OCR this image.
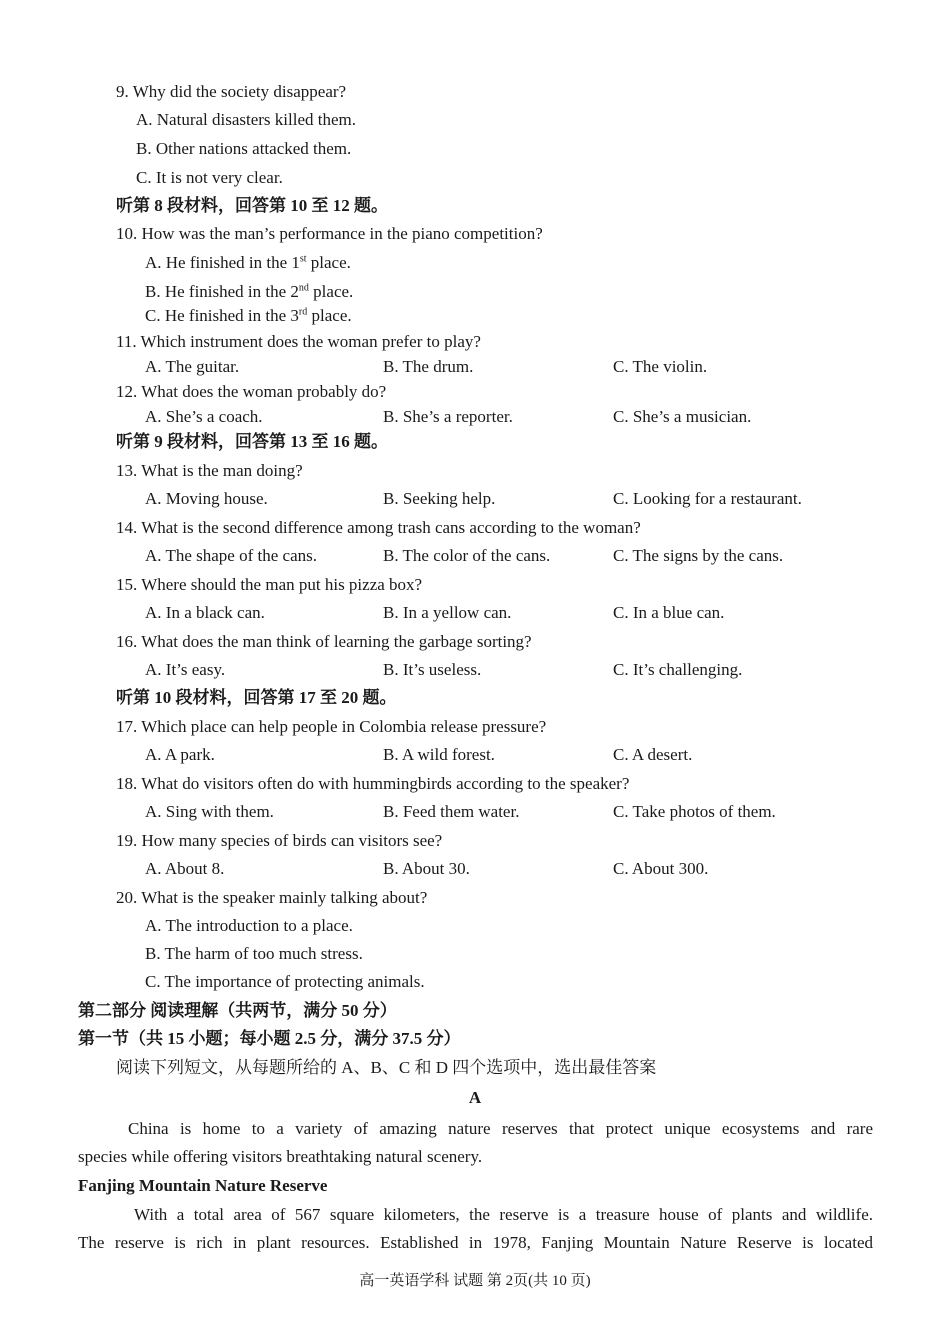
9. Why did the society disappear?
A. Natural disasters killed them.
B. Other nations attacked them.
C. It is not very clear.
听第 8 段材料，回答第 10 至 12 题。
10. How was the man’s performance in the piano competition?
A. He finished in the 1st place.
B. He finished in the 2nd place.
C. He finished in the 3rd place.
11. Which instrument does the woman prefer to play?
A. The guitar.	B. The drum.	C. The violin.
12. What does the woman probably do?
A. She’s a coach.	B. She’s a reporter.	C. She’s a musician.
听第 9 段材料，回答第 13 至 16 题。
13. What is the man doing?
A. Moving house.	B. Seeking help.	C. Looking for a restaurant.
14. What is the second difference among trash cans according to the woman?
A. The shape of the cans.	B. The color of the cans.	C. The signs by the cans.
15. Where should the man put his pizza box?
A. In a black can.	B. In a yellow can.	C. In a blue can.
16. What does the man think of learning the garbage sorting?
A. It’s easy.	B. It’s useless.	C. It’s challenging.
听第 10 段材料，回答第 17 至 20 题。
17. Which place can help people in Colombia release pressure?
A. A park.	B. A wild forest.	C. A desert.
18. What do visitors often do with hummingbirds according to the speaker?
A. Sing with them.	B. Feed them water.	C. Take photos of them.
19. How many species of birds can visitors see?
A. About 8.	B. About 30.	C. About 300.
20. What is the speaker mainly talking about?
A. The introduction to a place.
B. The harm of too much stress.
C. The importance of protecting animals.
第二部分 阅读理解（共两节，满分 50 分）
第一节（共 15 小题；每小题 2.5 分，满分 37.5 分）
阅读下列短文，从每题所给的 A、B、C 和 D 四个选项中，选出最佳答案
A
China is home to a variety of amazing nature reserves that protect unique ecosystems and rare
species while offering visitors breathtaking natural scenery.
Fanjing Mountain Nature Reserve
With a total area of 567 square kilometers, the reserve is a treasure house of plants and wildlife.
The reserve is rich in plant resources. Established in 1978, Fanjing Mountain Nature Reserve is located
高一英语学科 试题 第 2页(共 10 页)
